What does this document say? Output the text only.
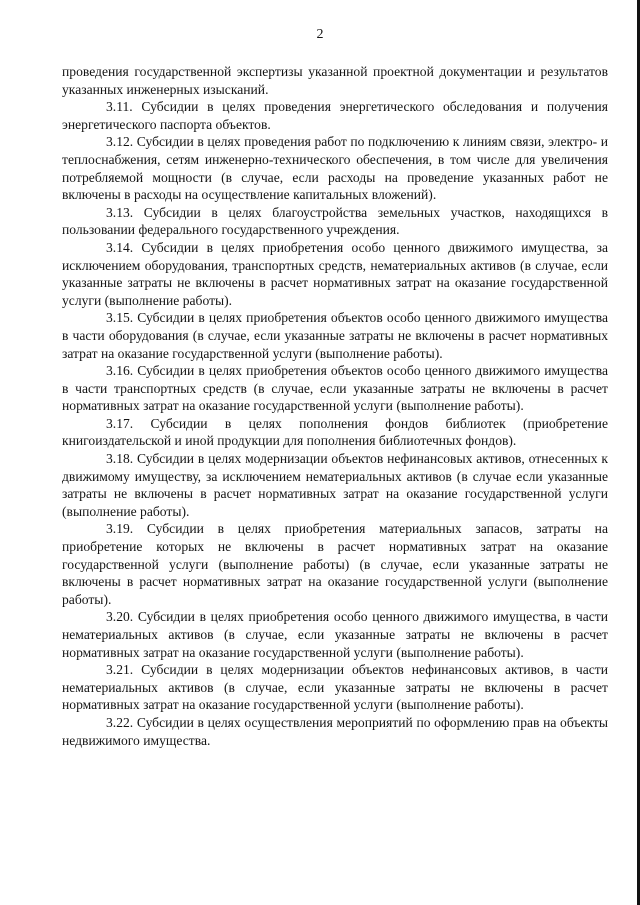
2

проведения государственной экспертизы указанной проектной документации и результатов указанных инженерных изысканий.

3.11. Субсидии в целях проведения энергетического обследования и получения энергетического паспорта объектов.

3.12. Субсидии в целях проведения работ по подключению к линиям связи, электро- и теплоснабжения, сетям инженерно-технического обеспечения, в том числе для увеличения потребляемой мощности (в случае, если расходы на проведение указанных работ не включены в расходы на осуществление капитальных вложений).

3.13. Субсидии в целях благоустройства земельных участков, находящихся в пользовании федерального государственного учреждения.

3.14. Субсидии в целях приобретения особо ценного движимого имущества, за исключением оборудования, транспортных средств, нематериальных активов (в случае, если указанные затраты не включены в расчет нормативных затрат на оказание государственной услуги (выполнение работы).

3.15. Субсидии в целях приобретения объектов особо ценного движимого имущества в части оборудования (в случае, если указанные затраты не включены в расчет нормативных затрат на оказание государственной услуги (выполнение работы).

3.16. Субсидии в целях приобретения объектов особо ценного движимого имущества в части транспортных средств (в случае, если указанные затраты не включены в расчет нормативных затрат на оказание государственной услуги (выполнение работы).

3.17. Субсидии в целях пополнения фондов библиотек (приобретение книгоиздательской и иной продукции для пополнения библиотечных фондов).

3.18. Субсидии в целях модернизации объектов нефинансовых активов, отнесенных к движимому имуществу, за исключением нематериальных активов (в случае если указанные затраты не включены в расчет нормативных затрат на оказание государственной услуги (выполнение работы).

3.19. Субсидии в целях приобретения материальных запасов, затраты на приобретение которых не включены в расчет нормативных затрат на оказание государственной услуги (выполнение работы) (в случае, если указанные затраты не включены в расчет нормативных затрат на оказание государственной услуги (выполнение работы).

3.20. Субсидии в целях приобретения особо ценного движимого имущества, в части нематериальных активов (в случае, если указанные затраты не включены в расчет нормативных затрат на оказание государственной услуги (выполнение работы).

3.21. Субсидии в целях модернизации объектов нефинансовых активов, в части нематериальных активов (в случае, если указанные затраты не включены в расчет нормативных затрат на оказание государственной услуги (выполнение работы).

3.22. Субсидии в целях осуществления мероприятий по оформлению прав на объекты недвижимого имущества.
